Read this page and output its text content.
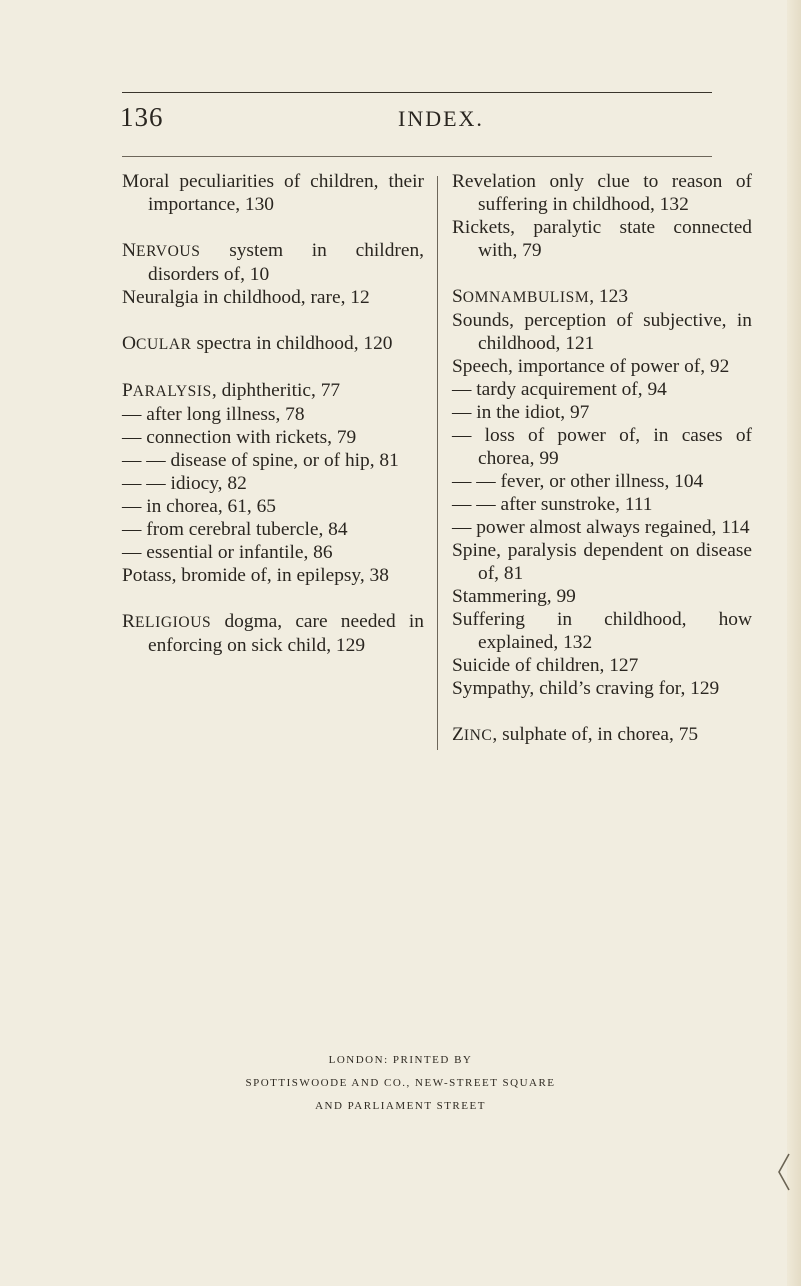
136	INDEX.
Moral peculiarities of children, their importance, 130
NERVOUS system in children, disorders of, 10
Neuralgia in childhood, rare, 12
OCULAR spectra in childhood, 120
PARALYSIS, diphtheritic, 77
— after long illness, 78
— connection with rickets, 79
— — disease of spine, or of hip, 81
— — idiocy, 82
— in chorea, 61, 65
— from cerebral tubercle, 84
— essential or infantile, 86
Potass, bromide of, in epilepsy, 38
RELIGIOUS dogma, care needed in enforcing on sick child, 129
Revelation only clue to reason of suffering in childhood, 132
Rickets, paralytic state connected with, 79
SOMNAMBULISM, 123
Sounds, perception of subjective, in childhood, 121
Speech, importance of power of, 92
— tardy acquirement of, 94
— in the idiot, 97
— loss of power of, in cases of chorea, 99
— — fever, or other illness, 104
— — after sunstroke, 111
— power almost always regained, 114
Spine, paralysis dependent on disease of, 81
Stammering, 99
Suffering in childhood, how explained, 132
Suicide of children, 127
Sympathy, child’s craving for, 129
ZINC, sulphate of, in chorea, 75
LONDON: PRINTED BY
SPOTTISWOODE AND CO., NEW-STREET SQUARE
AND PARLIAMENT STREET
